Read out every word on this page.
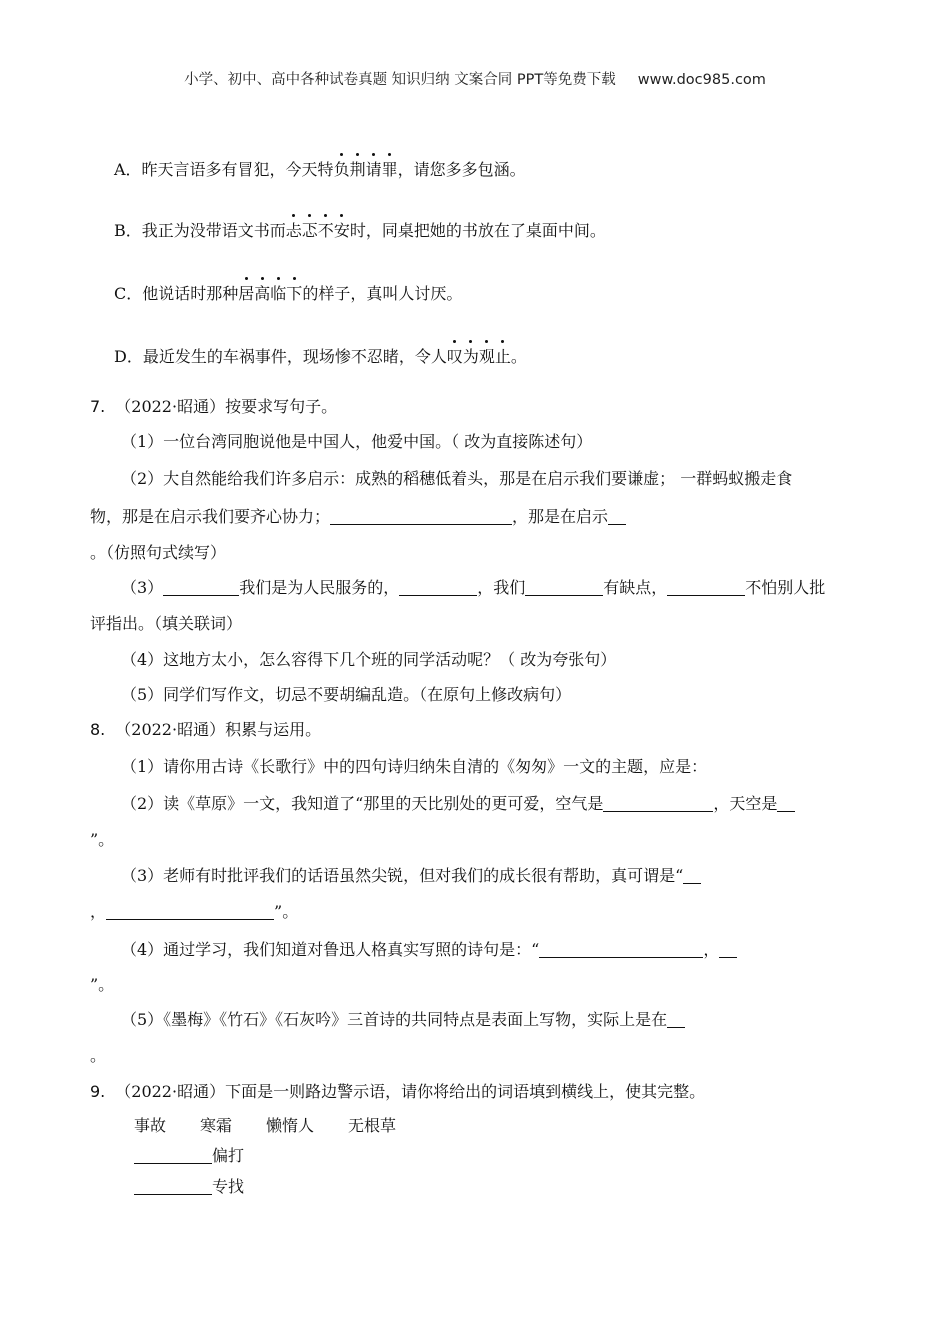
小学、初中、高中各种试卷真题 知识归纳 文案合同 PPT等免费下载 www.doc985.com
A．昨天言语多有冒犯，今天特负荆请罪，请您多多包涵。
B．我正为没带语文书而忐忑不安时，同桌把她的书放在了桌面中间。
C．他说话时那种居高临下的样子，真叫人讨厌。
D．最近发生的车祸事件，现场惨不忍睹，令人叹为观止。
7. （2022·昭通）按要求写句子。
（1）一位台湾同胞说他是中国人，他爱中国。（ 改为直接陈述句）
（2）大自然能给我们许多启示：成熟的稻穗低着头，那是在启示我们要谦虚； 一群蚂蚁搬走食
物，那是在启示我们要齐心协力；	，那是在启示
。（仿照句式续写）
（3）	我们是为人民服务的，	，我们	有缺点，	不怕别人批
评指出。（填关联词）
（4）这地方太小，怎么容得下几个班的同学活动呢？（ 改为夸张句）
（5）同学们写作文，切忌不要胡编乱造。（在原句上修改病句）
8. （2022·昭通）积累与运用。
（1）请你用古诗《长歌行》中的四句诗归纳朱自清的《匆匆》一文的主题，应是：
（2）读《草原》一文，我知道了“那里的天比别处的更可爱，空气是	，天空是
”。
（3）老师有时批评我们的话语虽然尖锐，但对我们的成长很有帮助，真可谓是“
，	”。
（4）通过学习，我们知道对鲁迅人格真实写照的诗句是：“	，
”。
（5）《墨梅》《竹石》《石灰吟》三首诗的共同特点是表面上写物，实际上是在
。
9. （2022·昭通）下面是一则路边警示语，请你将给出的词语填到横线上，使其完整。
事故 寒霜 懒惰人 无根草
偏打
专找
